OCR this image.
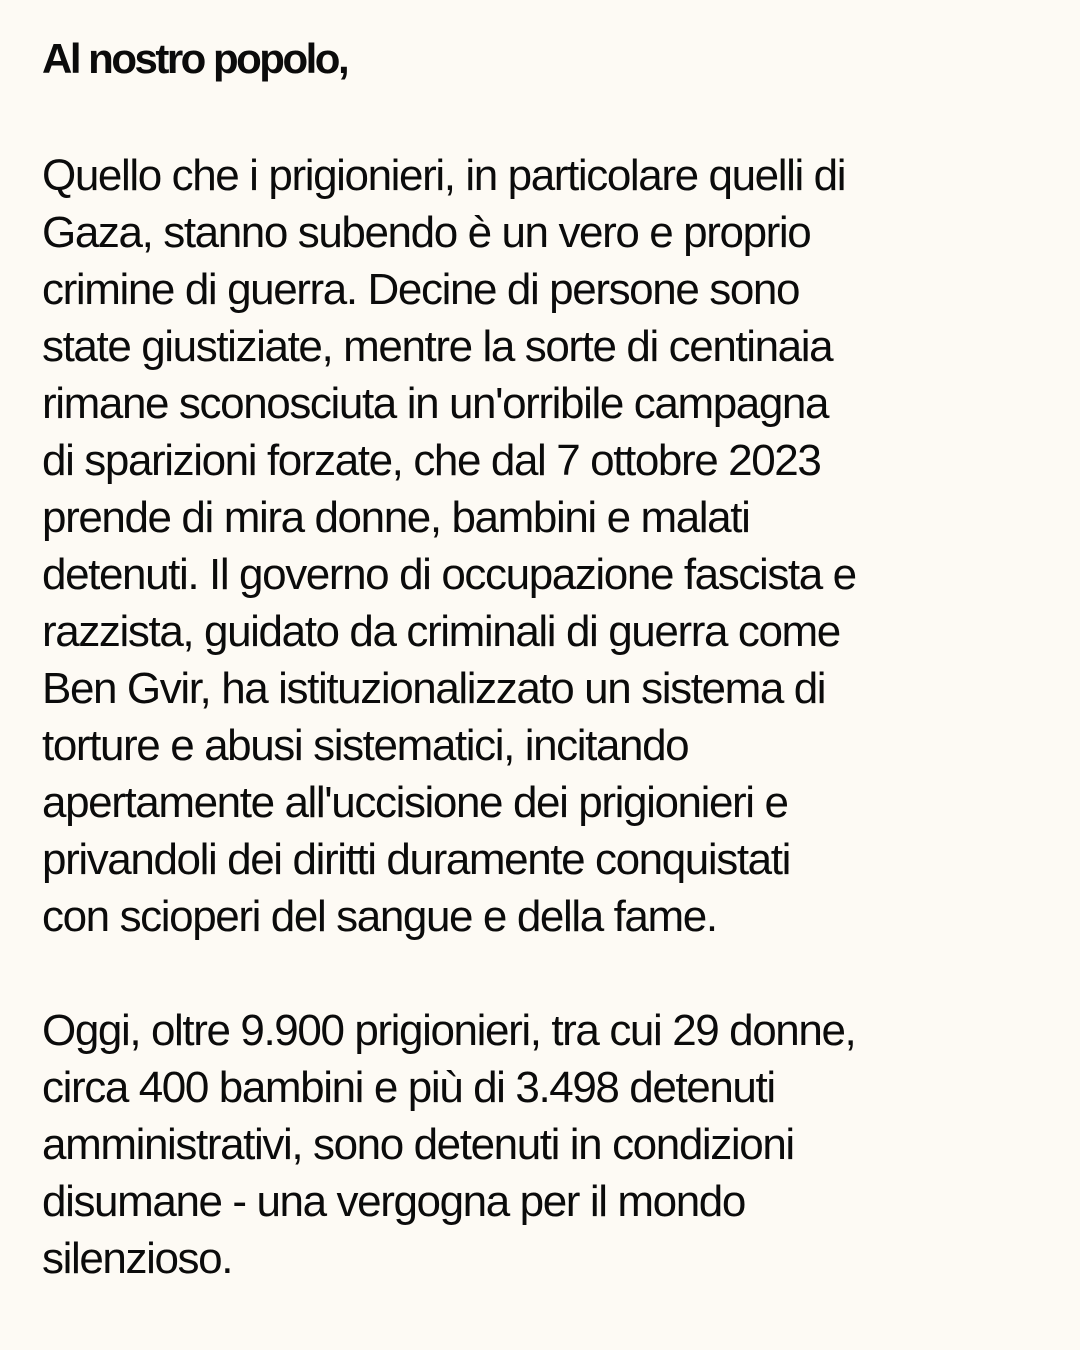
Al nostro popolo,

Quello che i prigionieri, in particolare quelli di
Gaza, stanno subendo è un vero e proprio
crimine di guerra. Decine di persone sono
state giustiziate, mentre la sorte di centinaia
rimane sconosciuta in un'orribile campagna
di sparizioni forzate, che dal 7 ottobre 2023
prende di mira donne, bambini e malati
detenuti. Il governo di occupazione fascista e
razzista, guidato da criminali di guerra come
Ben Gvir, ha istituzionalizzato un sistema di
torture e abusi sistematici, incitando
apertamente all'uccisione dei prigionieri e
privandoli dei diritti duramente conquistati
con scioperi del sangue e della fame.

Oggi, oltre 9.900 prigionieri, tra cui 29 donne,
circa 400 bambini e più di 3.498 detenuti
amministrativi, sono detenuti in condizioni
disumane - una vergogna per il mondo
silenzioso.
